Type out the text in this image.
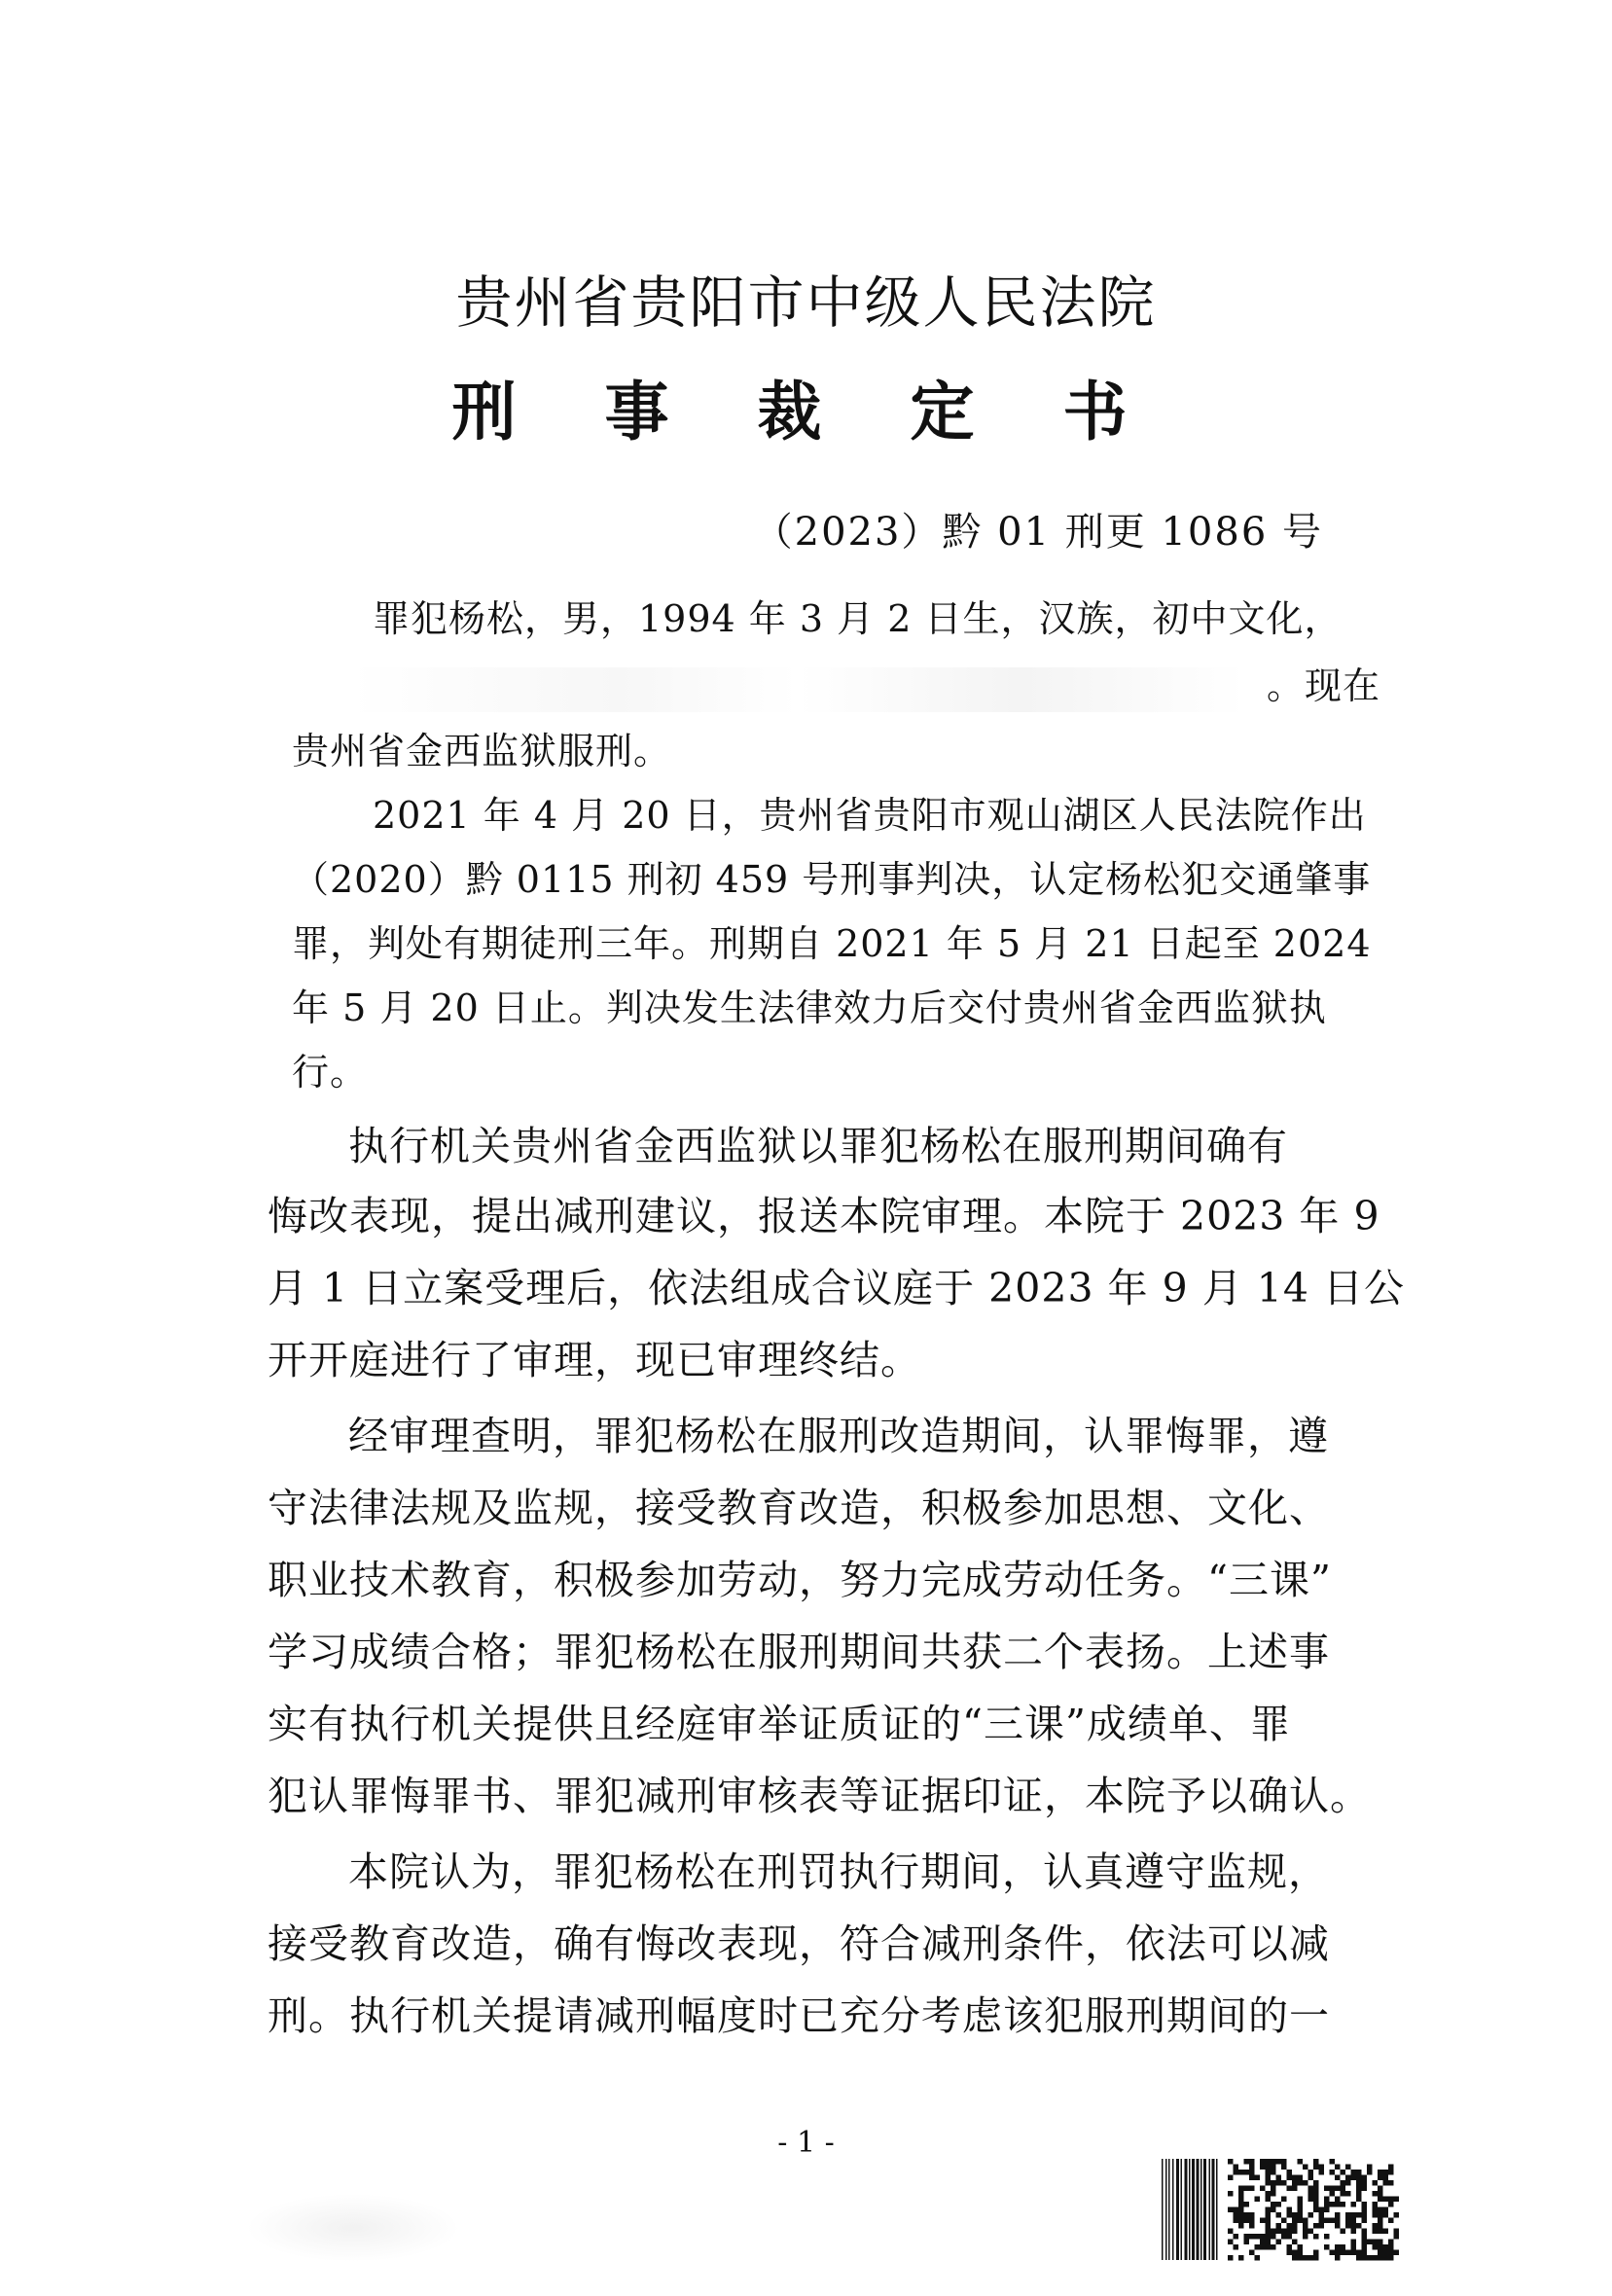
贵州省贵阳市中级人民法院
刑 事 裁 定 书
（2023）黔 01 刑更 1086 号
罪犯杨松，男，1994 年 3 月 2 日生，汉族，初中文化，
。现在
贵州省金西监狱服刑。
2021 年 4 月 20 日，贵州省贵阳市观山湖区人民法院作出
（2020）黔 0115 刑初 459 号刑事判决，认定杨松犯交通肇事
罪，判处有期徒刑三年。刑期自 2021 年 5 月 21 日起至 2024
年 5 月 20 日止。判决发生法律效力后交付贵州省金西监狱执
行。
执行机关贵州省金西监狱以罪犯杨松在服刑期间确有
悔改表现，提出减刑建议，报送本院审理。本院于 2023 年 9
月 1 日立案受理后，依法组成合议庭于 2023 年 9 月 14 日公
开开庭进行了审理，现已审理终结。
经审理查明，罪犯杨松在服刑改造期间，认罪悔罪，遵
守法律法规及监规，接受教育改造，积极参加思想、文化、
职业技术教育，积极参加劳动，努力完成劳动任务。“三课”
学习成绩合格；罪犯杨松在服刑期间共获二个表扬。上述事
实有执行机关提供且经庭审举证质证的“三课”成绩单、罪
犯认罪悔罪书、罪犯减刑审核表等证据印证，本院予以确认。
本院认为，罪犯杨松在刑罚执行期间，认真遵守监规，
接受教育改造，确有悔改表现，符合减刑条件，依法可以减
刑。执行机关提请减刑幅度时已充分考虑该犯服刑期间的一
- 1 -
